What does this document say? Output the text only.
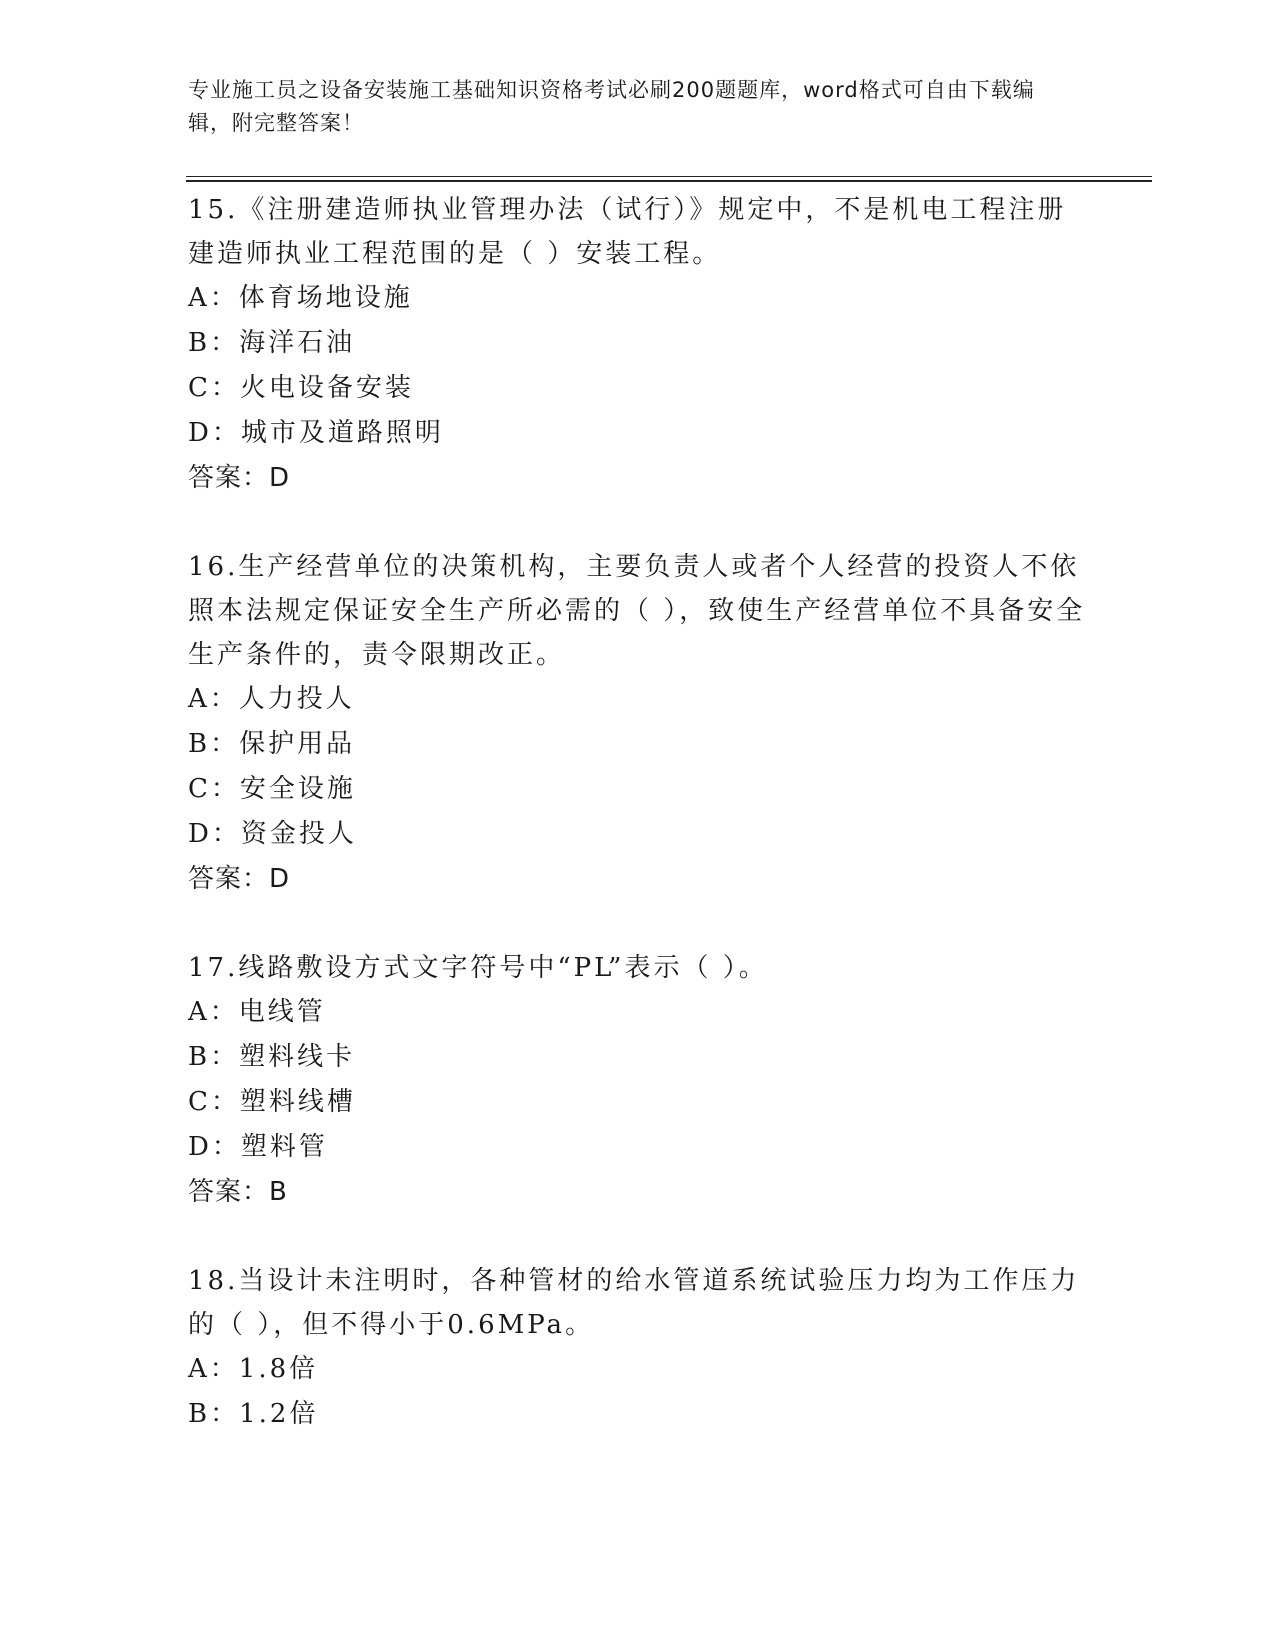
专业施工员之设备安装施工基础知识资格考试必刷200题题库，word格式可自由下载编辑，附完整答案！
15.《注册建造师执业管理办法（试行）》规定中，不是机电工程注册建造师执业工程范围的是（ ）安装工程。
A：体育场地设施
B：海洋石油
C：火电设备安装
D：城市及道路照明
答案：D
16.生产经营单位的决策机构，主要负责人或者个人经营的投资人不依照本法规定保证安全生产所必需的（ ），致使生产经营单位不具备安全生产条件的，责令限期改正。
A：人力投人
B：保护用品
C：安全设施
D：资金投人
答案：D
17.线路敷设方式文字符号中“PL”表示（ ）。
A：电线管
B：塑料线卡
C：塑料线槽
D：塑料管
答案：B
18.当设计未注明时，各种管材的给水管道系统试验压力均为工作压力的（ ），但不得小于0.6MPa。
A：1.8倍
B：1.2倍
